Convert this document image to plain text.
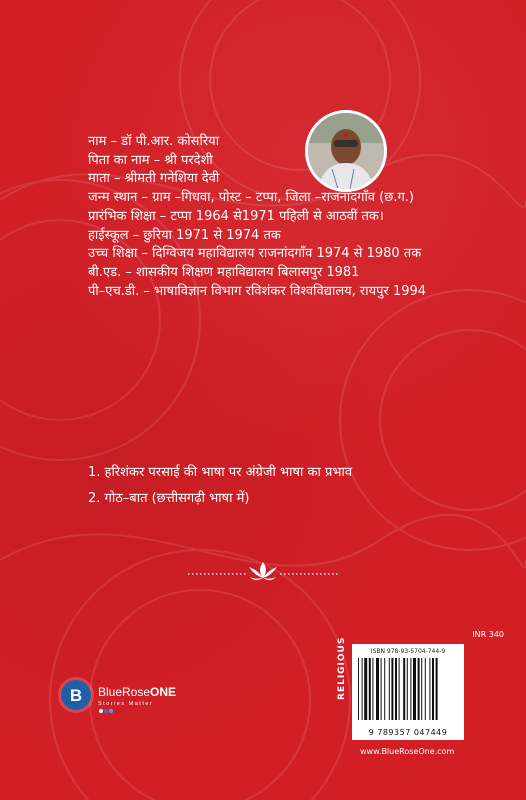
नाम – डॉ पी.आर. कोसरिया
पिता का नाम – श्री परदेशी
माता – श्रीमती गनेशिया देवी
जन्म स्थान – ग्राम –गिधवा, पोस्ट – टप्पा, जिला –राजनांदगाँव (छ.ग.)
प्रारंभिक शिक्षा – टप्पा 1964 से1971 पहिली से आठवीं तक।
हाईस्कूल – छुरिया 1971 से 1974 तक
उच्च शिक्षा – दिग्विजय महाविद्यालय राजनांदगाँव 1974 से 1980 तक
बी.एड. – शासकीय शिक्षण महाविद्यालय बिलासपुर 1981
पी–एच.डी. – भाषाविज्ञान विभाग रविशंकर विश्वविद्यालय, रायपुर 1994
1. हरिशंकर परसाई की भाषा पर अंग्रेजी भाषा का प्रभाव
2. गोठ–बात (छत्तीसगढ़ी भाषा में)
INR 340
B BlueRoseONE
Stories Matter
RELIGIOUS	ISBN 978-93-5704-744-9
9 789357 047449
www.BlueRoseOne.com
